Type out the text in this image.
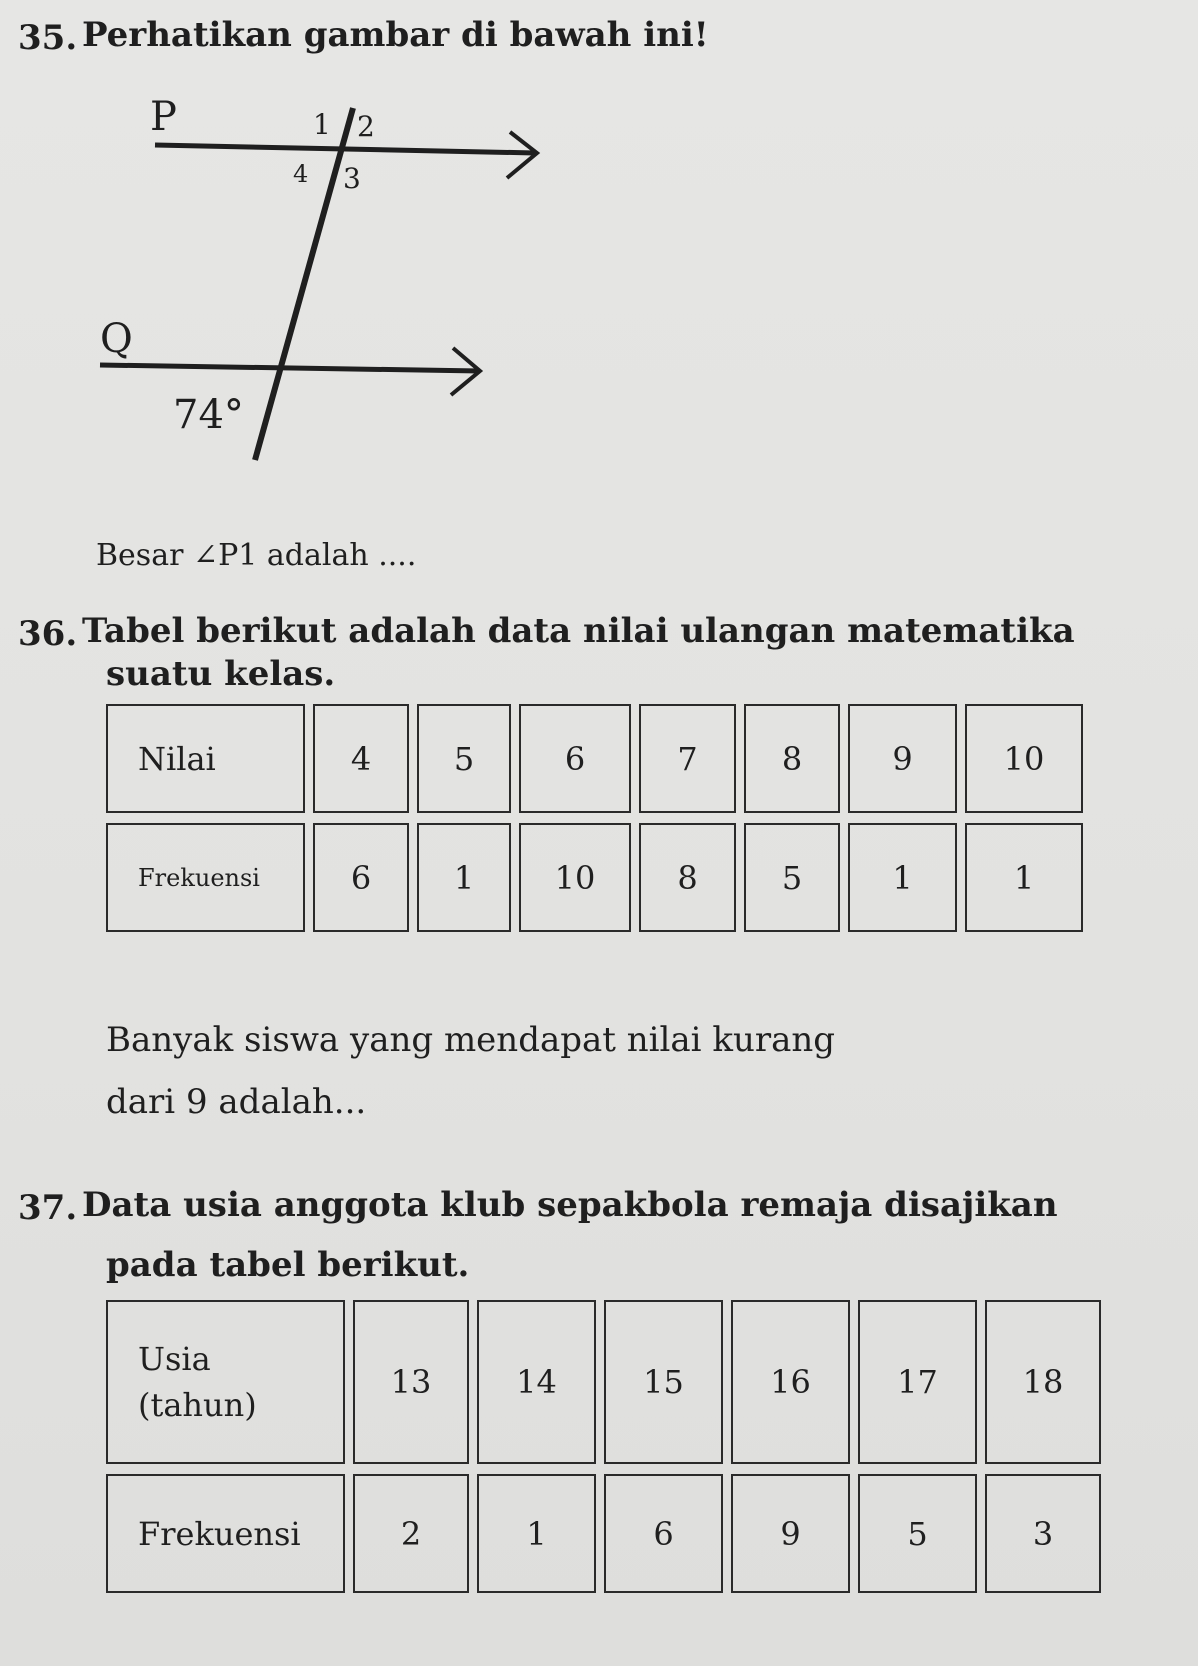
35. Perhatikan gambar di bawah ini!
P
Q
1 2
3
4
74°
Besar ∠P1 adalah ....
36. Tabel berikut adalah data nilai ulangan matematika
suatu kelas.
Nilai	4	5	6	7	8	9	10
Frekuensi	6	1	10	8	5	1	1
Banyak siswa yang mendapat nilai kurang
dari 9 adalah...
37. Data usia anggota klub sepakbola remaja disajikan
pada tabel berikut.
Usia
(tahun)	13	14	15	16	17	18
Frekuensi	2	1	6	9	5	3
